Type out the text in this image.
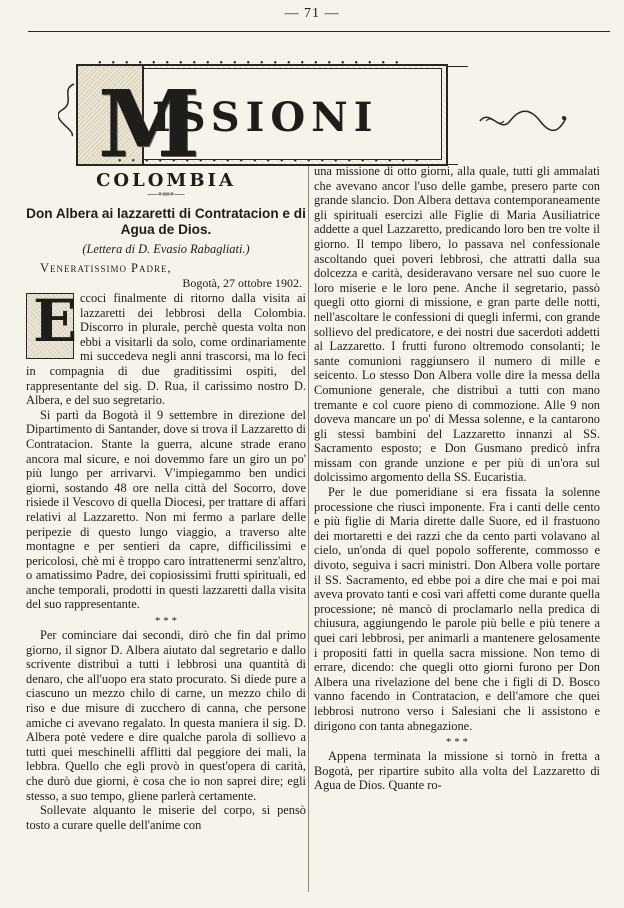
— 71 —
M
ISSIONI
•••••••••••••••••••••••
COLOMBIA
—∘═∘—
Don Albera ai lazzaretti di Contratacion e di Agua de Dios.
(Lettera di D. Evasio Rabagliati.)
Veneratissimo Padre,
Bogotà, 27 ottobre 1902.
E ccoci finalmente di ritorno dalla visita ai lazzaretti dei lebbrosi della Colombia. Discorro in plurale, perchè questa volta non ebbi a visitarli da solo, come ordinariamente mi succedeva negli anni trascorsi, ma lo feci in compagnia di due graditissimi ospiti, del rappresentante del sig. D. Rua, il carissimo nostro D. Albera, e del suo segretario.

Si partì da Bogotà il 9 settembre in direzione del Dipartimento di Santander, dove si trova il Lazzaretto di Contratacion. Stante la guerra, alcune strade erano ancora mal sicure, e noi dovemmo fare un giro un po' più lungo per arrivarvi. V'impiegammo ben undici giorni, sostando 48 ore nella città del Socorro, dove risiede il Vescovo di quella Diocesi, per trattare di affari relativi al Lazzaretto. Non mi fermo a parlare delle peripezie di questo lungo viaggio, a traverso alte montagne e per sentieri da capre, difficilissimi e pericolosi, chè mi è troppo caro intrattenermi senz'altro, o amatissimo Padre, dei copiosissimi frutti spirituali, ed anche temporali, prodotti in questi lazzaretti dalla visita del suo rappresentante.

* * *

Per cominciare dai secondi, dirò che fin dal primo giorno, il signor D. Albera aiutato dal segretario e dallo scrivente distribuì a tutti i lebbrosi una quantità di denaro, che all'uopo era stato procurato. Si diede pure a ciascuno un mezzo chilo di carne, un mezzo chilo di riso e due misure di zucchero di canna, che persone amiche ci avevano regalato. In questa maniera il sig. D. Albera potè vedere e dire qualche parola di sollievo a tutti quei meschinelli afflitti dal peggiore dei mali, la lebbra. Quello che egli provò in quest'opera di carità, che durò due giorni, è cosa che io non saprei dire; egli stesso, a suo tempo, gliene parlerà certamente.

Sollevate alquanto le miserie del corpo, si pensò tosto a curare quelle dell'anime con

una missione di otto giorni, alla quale, tutti gli ammalati che avevano ancor l'uso delle gambe, presero parte con grande slancio. Don Albera dettava contemporaneamente gli spirituali esercizi alle Figlie di Maria Ausiliatrice addette a quel Lazzaretto, predicando loro ben tre volte il giorno. Il tempo libero, lo passava nel confessionale ascoltando quei poveri lebbrosi, che attratti dalla sua dolcezza e carità, desideravano versare nel suo cuore le loro miserie e le loro pene. Anche il segretario, passò quegli otto giorni di missione, e gran parte delle notti, nell'ascoltare le confessioni di quegli infermi, con grande sollievo del predicatore, e dei nostri due sacerdoti addetti al Lazzaretto. I frutti furono oltremodo consolanti; le sante comunioni raggiunsero il numero di mille e seicento. Lo stesso Don Albera volle dire la messa della Comunione generale, che distribuì a tutti con mano tremante e col cuore pieno di commozione. Alle 9 non doveva mancare un po' di Messa solenne, e la cantarono gli stessi bambini del Lazzaretto innanzi al SS. Sacramento esposto; e Don Gusmano predicò infra missam con grande unzione e per più di un'ora sul dolcissimo argomento della SS. Eucaristia.

Per le due pomeridiane si era fissata la solenne processione che riuscì imponente. Fra i canti delle cento e più figlie di Maria dirette dalle Suore, ed il frastuono dei mortaretti e dei razzi che da cento parti volavano al cielo, un'onda di quel popolo sofferente, commosso e divoto, seguiva i sacri ministri. Don Albera volle portare il SS. Sacramento, ed ebbe poi a dire che mai e poi mai aveva provato tanti e così vari affetti come durante quella processione; nè mancò di proclamarlo nella predica di chiusura, aggiungendo le parole più belle e più tenere a quei cari lebbrosi, per animarli a mantenere gelosamente i propositi fatti in quella sacra missione. Non temo di errare, dicendo: che quegli otto giorni furono per Don Albera una rivelazione del bene che i figli di D. Bosco vanno facendo in Contratacion, e dell'amore che quei lebbrosi nutrono verso i Salesiani che li assistono e dirigono con tanta abnegazione.

* * *

Appena terminata la missione si tornò in fretta a Bogotà, per ripartire subito alla volta del Lazzaretto di Agua de Dios. Quante ro-
